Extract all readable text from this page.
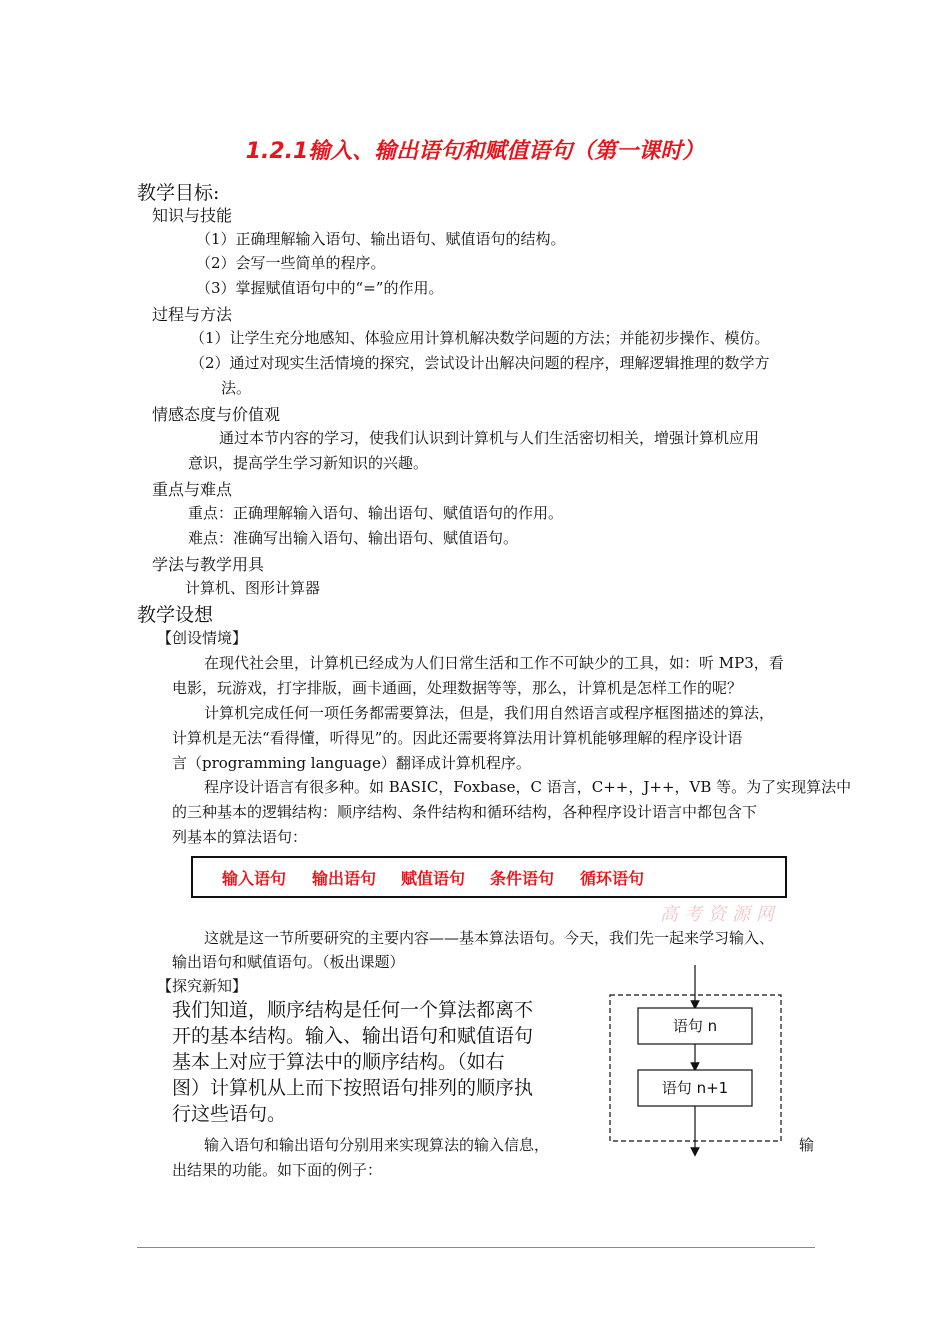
1.2.1输入、输出语句和赋值语句（第一课时）
教学目标:
知识与技能
（1）正确理解输入语句、输出语句、赋值语句的结构。
（2）会写一些简单的程序。
（3）掌握赋值语句中的“=”的作用。
过程与方法
（1）让学生充分地感知、体验应用计算机解决数学问题的方法；并能初步操作、模仿。
（2）通过对现实生活情境的探究，尝试设计出解决问题的程序，理解逻辑推理的数学方
法。
情感态度与价值观
通过本节内容的学习，使我们认识到计算机与人们生活密切相关，增强计算机应用
意识，提高学生学习新知识的兴趣。
重点与难点
重点：正确理解输入语句、输出语句、赋值语句的作用。
难点：准确写出输入语句、输出语句、赋值语句。
学法与教学用具
计算机、图形计算器
教学设想
【创设情境】
在现代社会里，计算机已经成为人们日常生活和工作不可缺少的工具，如：听 MP3，看
电影，玩游戏，打字排版，画卡通画，处理数据等等，那么，计算机是怎样工作的呢？
计算机完成任何一项任务都需要算法，但是，我们用自然语言或程序框图描述的算法，
计算机是无法“看得懂，听得见”的。因此还需要将算法用计算机能够理解的程序设计语
言（programming language）翻译成计算机程序。
程序设计语言有很多种。如 BASIC，Foxbase，C 语言，C++，J++，VB 等。为了实现算法中
的三种基本的逻辑结构：顺序结构、条件结构和循环结构，各种程序设计语言中都包含下
列基本的算法语句：
输入语句 输出语句 赋值语句 条件语句 循环语句
高考资源网
这就是这一节所要研究的主要内容——基本算法语句。今天，我们先一起来学习输入、
输出语句和赋值语句。（板出课题）
【探究新知】
我们知道，顺序结构是任何一个算法都离不
开的基本结构。输入、输出语句和赋值语句
基本上对应于算法中的顺序结构。（如右
图）计算机从上而下按照语句排列的顺序执
行这些语句。
输入语句和输出语句分别用来实现算法的输入信息，	输
出结果的功能。如下面的例子：
语句 n
语句 n+1
